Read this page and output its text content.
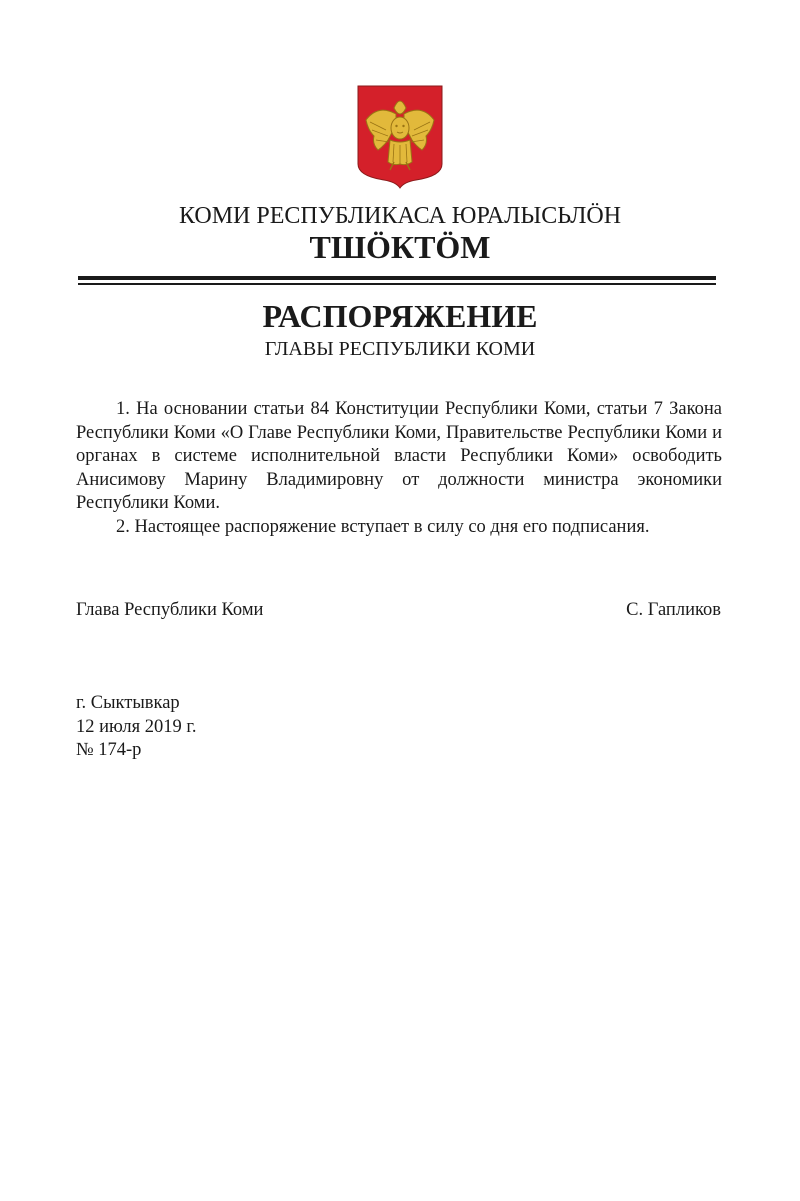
КОМИ РЕСПУБЛИКАСА ЮРАЛЫСЬЛӦН
ТШӦКТӦМ
РАСПОРЯЖЕНИЕ
ГЛАВЫ РЕСПУБЛИКИ КОМИ

1. На основании статьи 84 Конституции Республики Коми, статьи 7 Закона Республики Коми «О Главе Республики Коми, Правительстве Республики Коми и органах в системе исполнительной власти Республики Коми» освободить Анисимову Марину Владимировну от должности министра экономики Республики Коми.

2. Настоящее распоряжение вступает в силу со дня его подписания.

Глава Республики Коми	С. Гапликов
г. Сыктывкар
12 июля 2019 г.
№ 174-р
